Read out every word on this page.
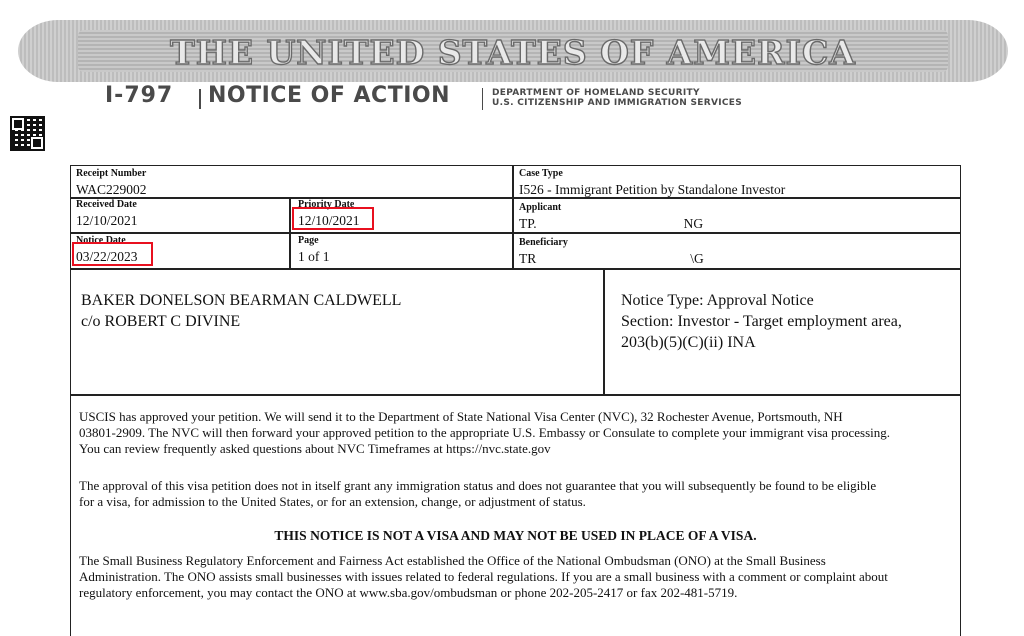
THE UNITED STATES OF AMERICA
I-797 NOTICE OF ACTION	DEPARTMENT OF HOMELAND SECURITY
U.S. CITIZENSHIP AND IMMIGRATION SERVICES
Receipt Number
WAC229002
Case Type
I526 - Immigrant Petition by Standalone Investor
Received Date
12/10/2021
Priority Date
12/10/2021
Applicant
TP.	NG
Notice Date
03/22/2023
Page
1 of 1
Beneficiary
TR	\G
BAKER DONELSON BEARMAN CALDWELL
c/o ROBERT C DIVINE
Notice Type: Approval Notice
Section: Investor - Target employment area,
203(b)(5)(C)(ii) INA
USCIS has approved your petition. We will send it to the Department of State National Visa Center (NVC), 32 Rochester Avenue, Portsmouth, NH
03801-2909. The NVC will then forward your approved petition to the appropriate U.S. Embassy or Consulate to complete your immigrant visa processing.
You can review frequently asked questions about NVC Timeframes at https://nvc.state.gov
The approval of this visa petition does not in itself grant any immigration status and does not guarantee that you will subsequently be found to be eligible
for a visa, for admission to the United States, or for an extension, change, or adjustment of status.
THIS NOTICE IS NOT A VISA AND MAY NOT BE USED IN PLACE OF A VISA.
The Small Business Regulatory Enforcement and Fairness Act established the Office of the National Ombudsman (ONO) at the Small Business
Administration. The ONO assists small businesses with issues related to federal regulations. If you are a small business with a comment or complaint about
regulatory enforcement, you may contact the ONO at www.sba.gov/ombudsman or phone 202-205-2417 or fax 202-481-5719.
